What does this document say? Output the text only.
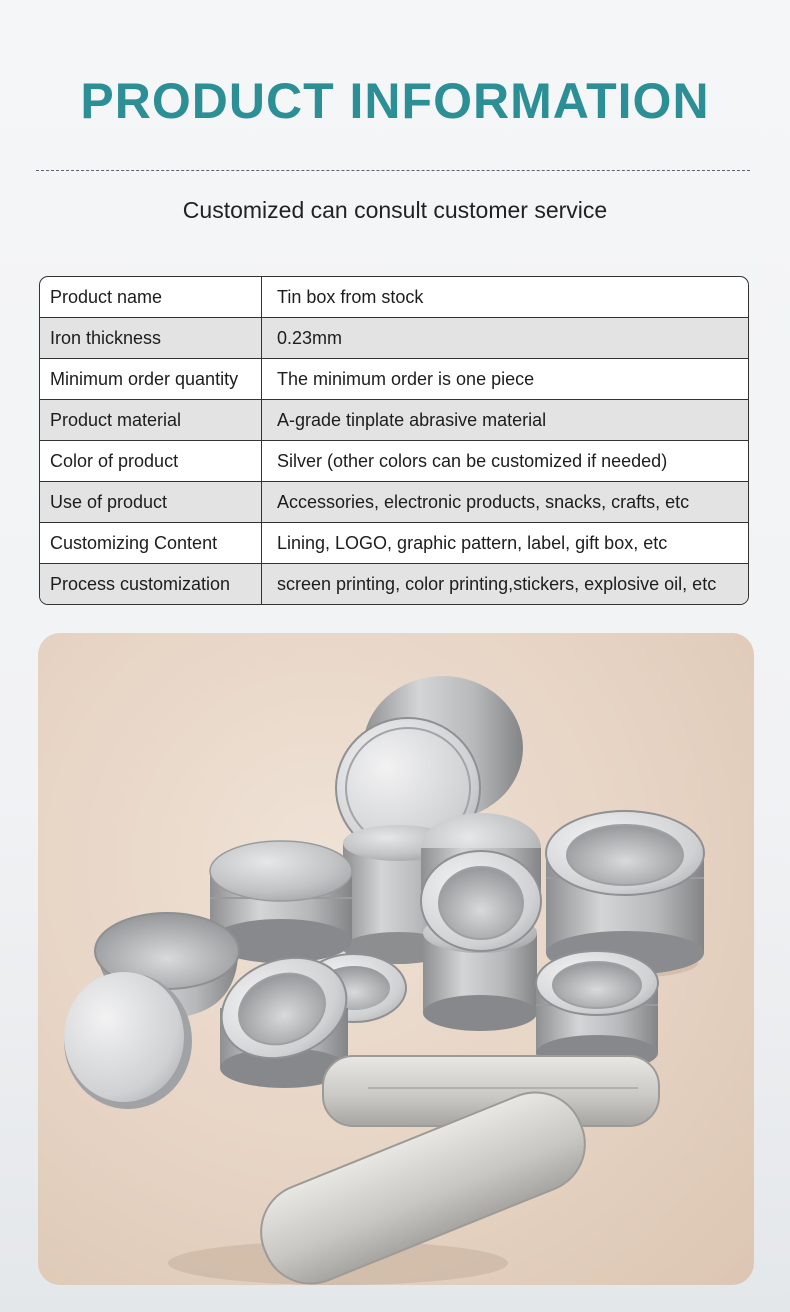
PRODUCT INFORMATION
Customized can consult customer service
Product name	Tin box from stock
Iron thickness	0.23mm
Minimum order quantity	The minimum order is one piece
Product material	A-grade tinplate abrasive material
Color of product	Silver (other colors can be customized if needed)
Use of product	Accessories, electronic products, snacks, crafts, etc
Customizing Content	Lining, LOGO, graphic pattern, label, gift box, etc
Process customization	screen printing, color printing,stickers, explosive oil, etc
